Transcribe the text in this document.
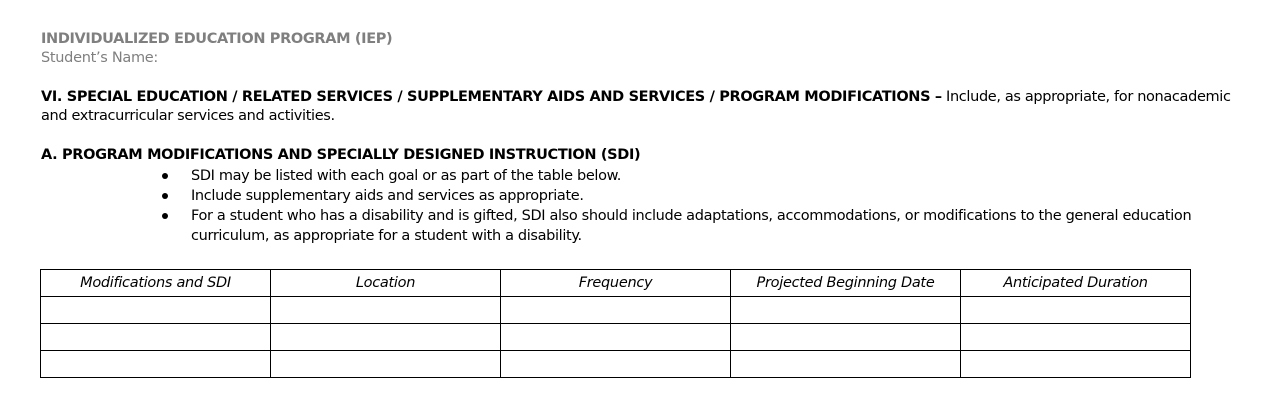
INDIVIDUALIZED EDUCATION PROGRAM (IEP)
Student’s Name:
VI. SPECIAL EDUCATION / RELATED SERVICES / SUPPLEMENTARY AIDS AND SERVICES / PROGRAM MODIFICATIONS – Include, as appropriate, for nonacademic and extracurricular services and activities.
A. PROGRAM MODIFICATIONS AND SPECIALLY DESIGNED INSTRUCTION (SDI)
SDI may be listed with each goal or as part of the table below.
Include supplementary aids and services as appropriate.
For a student who has a disability and is gifted, SDI also should include adaptations, accommodations, or modifications to the general education curriculum, as appropriate for a student with a disability.
Modifications and SDI	Location	Frequency	Projected Beginning Date	Anticipated Duration
